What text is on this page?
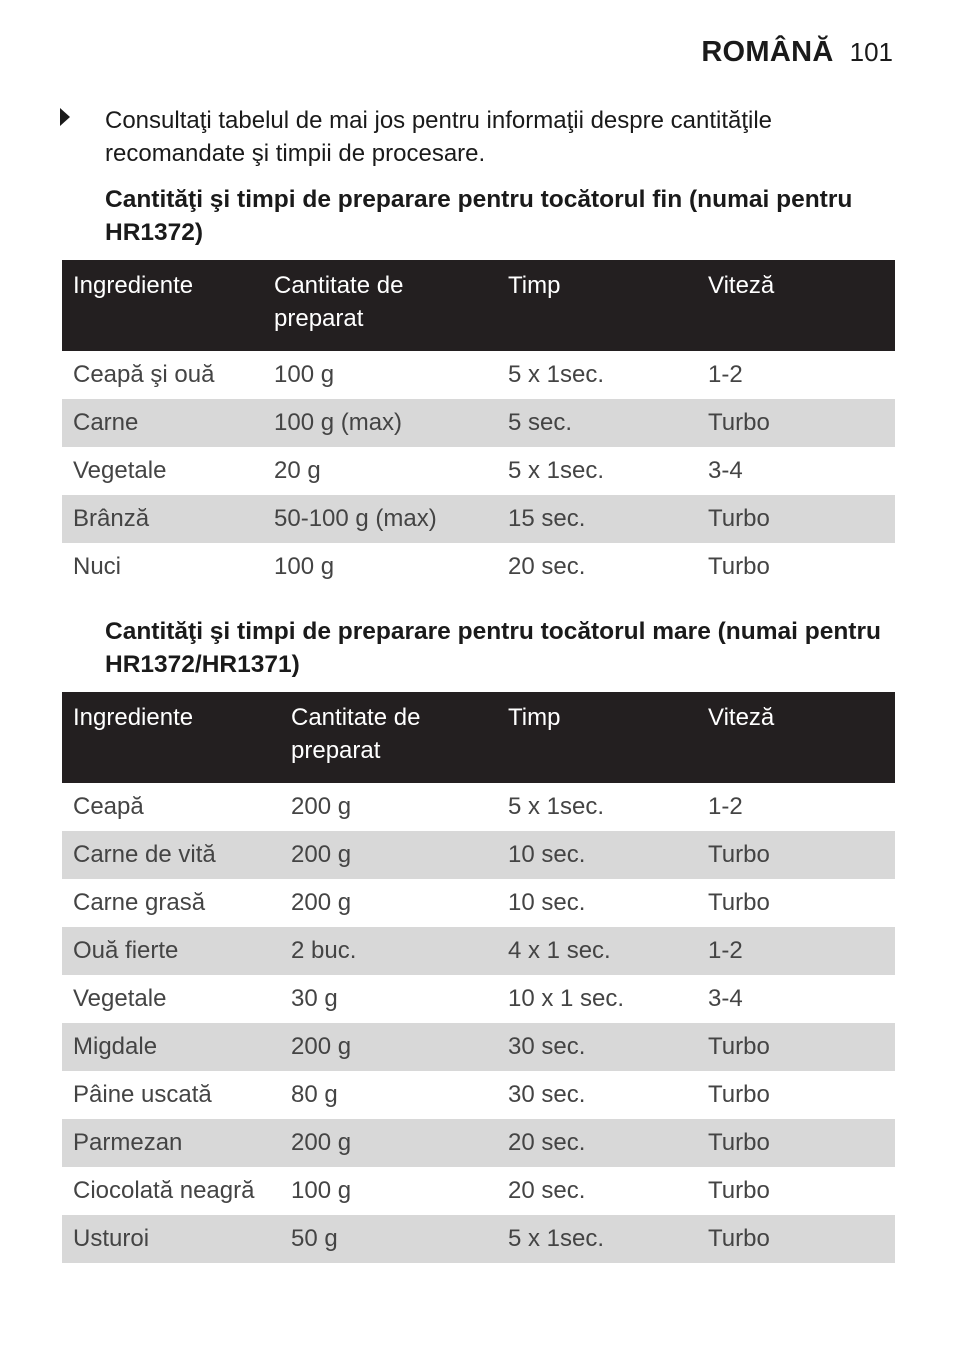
ROMÂNĂ 101
Consultaţi tabelul de mai jos pentru informaţii despre cantităţile recomandate şi timpii de procesare.
Cantităţi şi timpi de preparare pentru tocătorul fin (numai pentru HR1372)
Ingrediente	Cantitate de preparat	Timp	Viteză
Ceapă şi ouă	100 g	5 x 1sec.	1-2
Carne	100 g (max)	5 sec.	Turbo
Vegetale	20 g	5 x 1sec.	3-4
Brânză	50-100 g (max)	15 sec.	Turbo
Nuci	100 g	20 sec.	Turbo
Cantităţi şi timpi de preparare pentru tocătorul mare (numai pentru HR1372/HR1371)
Ingrediente	Cantitate de preparat	Timp	Viteză
Ceapă	200 g	5 x 1sec.	1-2
Carne de vită	200 g	10 sec.	Turbo
Carne grasă	200 g	10 sec.	Turbo
Ouă fierte	2 buc.	4 x 1 sec.	1-2
Vegetale	30 g	10 x 1 sec.	3-4
Migdale	200 g	30 sec.	Turbo
Pâine uscată	80 g	30 sec.	Turbo
Parmezan	200 g	20 sec.	Turbo
Ciocolată neagră	100 g	20 sec.	Turbo
Usturoi	50 g	5 x 1sec.	Turbo
